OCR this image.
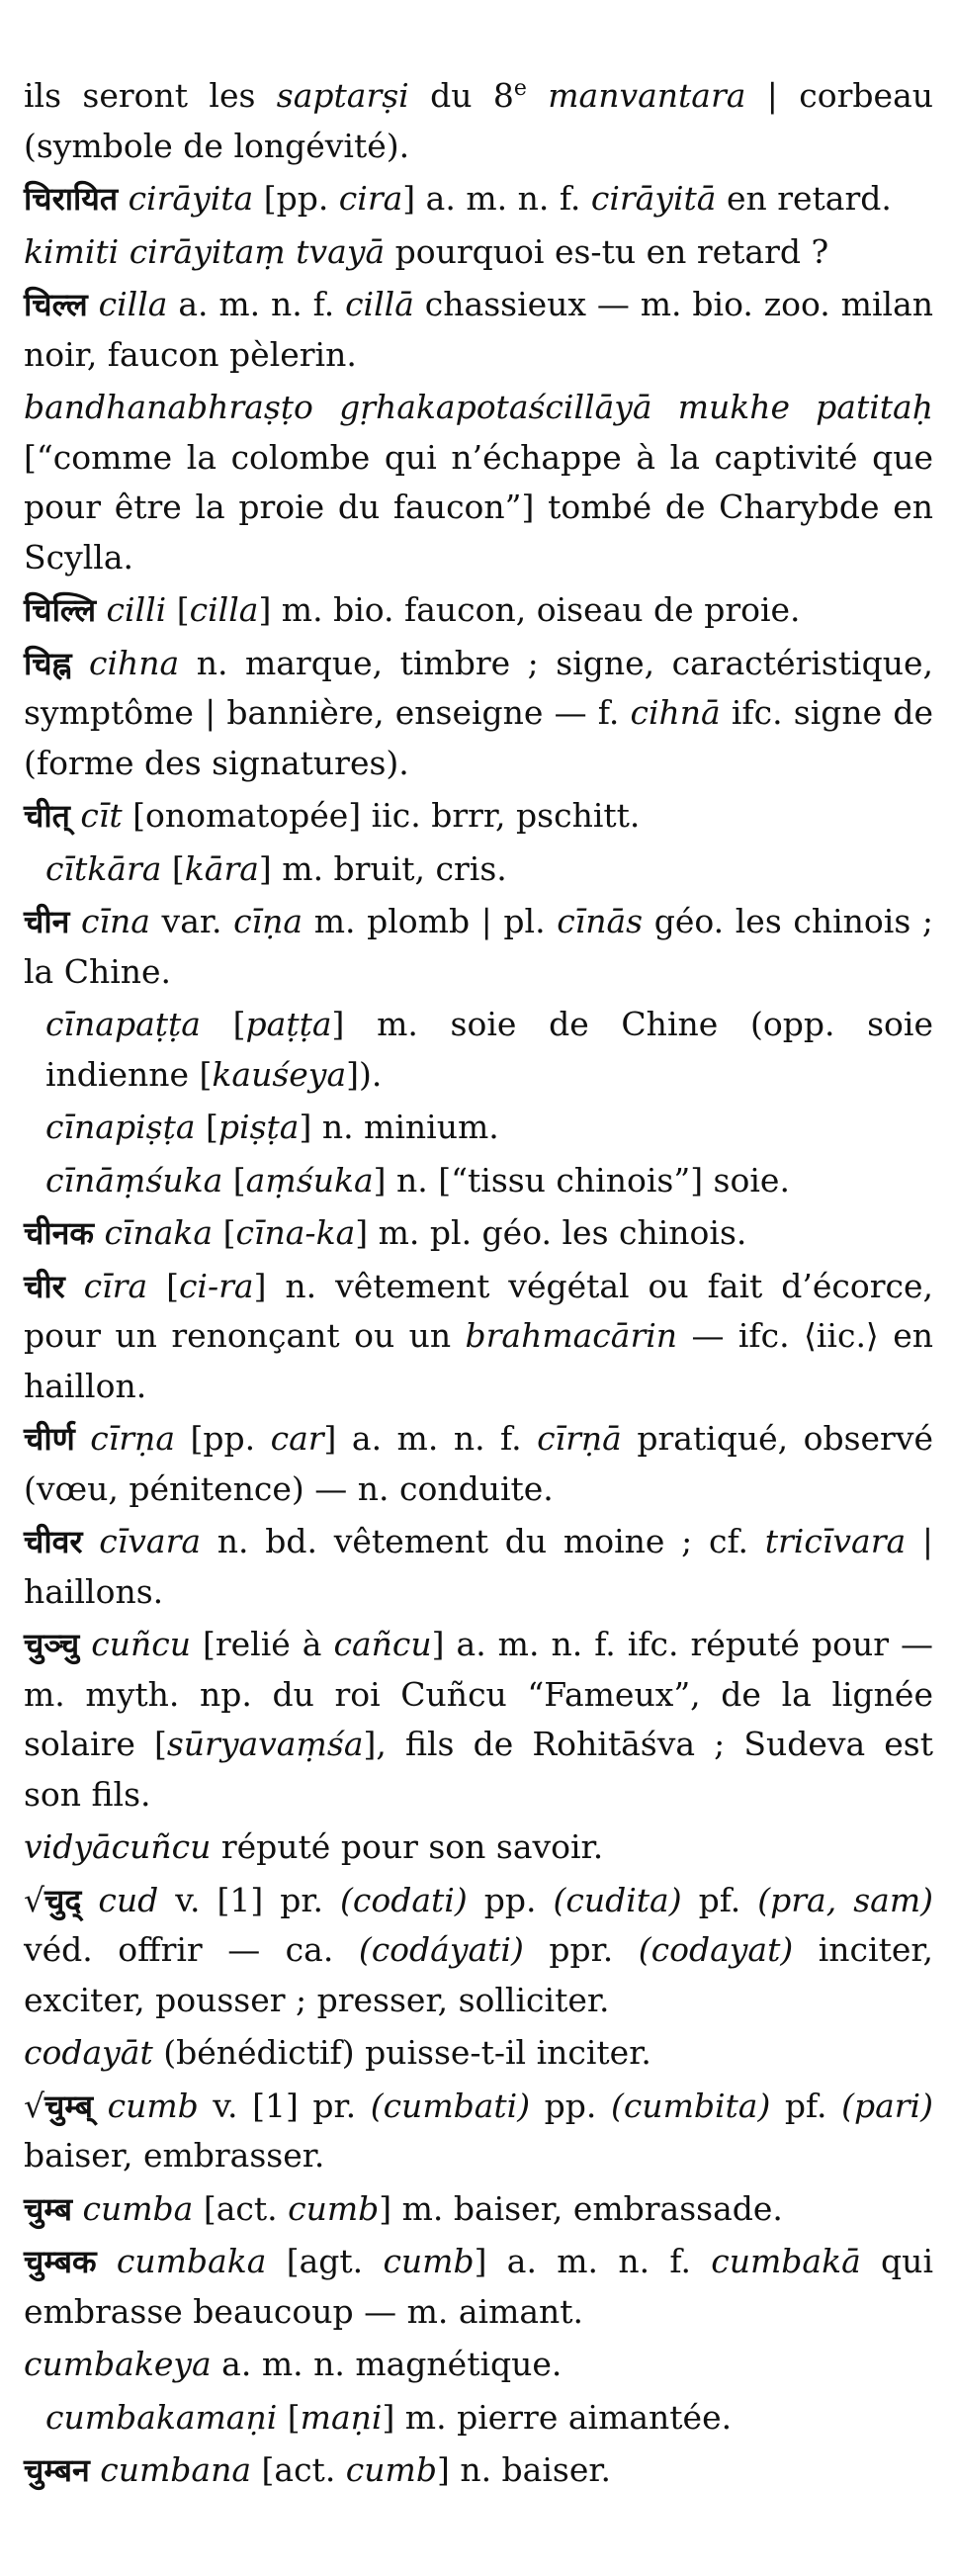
ils seront les saptarṣi du 8e manvantara | corbeau (symbole de longévité).

चिरायित cirāyita [pp. cira] a. m. n. f. cirāyitā en retard.

kimiti cirāyitaṃ tvayā pourquoi es-tu en retard ?

चिल्ल cilla a. m. n. f. cillā chassieux — m. bio. zoo. milan noir, faucon pèlerin.

bandhanabhraṣṭo gṛhakapotaścillāyā mukhe patitaḥ [“comme la colombe qui n’échappe à la captivité que pour être la proie du faucon”] tombé de Charybde en Scylla.

चिल्लि cilli [cilla] m. bio. faucon, oiseau de proie.

चिह्न cihna n. marque, timbre ; signe, caractéristique, symptôme | bannière, enseigne — f. cihnā ifc. signe de (forme des signatures).

चीत् cīt [onomatopée] iic. brrr, pschitt.

cītkāra [kāra] m. bruit, cris.

चीन cīna var. cīṇa m. plomb | pl. cīnās géo. les chinois ; la Chine.

cīnapaṭṭa [paṭṭa] m. soie de Chine (opp. soie indienne [kauśeya]).

cīnapiṣṭa [piṣṭa] n. minium.

cīnāṃśuka [aṃśuka] n. [“tissu chinois”] soie.

चीनक cīnaka [cīna-ka] m. pl. géo. les chinois.

चीर cīra [ci-ra] n. vêtement végétal ou fait d’écorce, pour un renonçant ou un brahmacārin — ifc. ⟨iic.⟩ en haillon.

चीर्ण cīrṇa [pp. car] a. m. n. f. cīrṇā pratiqué, observé (vœu, pénitence) — n. conduite.

चीवर cīvara n. bd. vêtement du moine ; cf. tricīvara | haillons.

चुञ्चु cuñcu [relié à cañcu] a. m. n. f. ifc. réputé pour — m. myth. np. du roi Cuñcu “Fameux”, de la lignée solaire [sūryavaṃśa], fils de Rohitāśva ; Sudeva est son fils.

vidyācuñcu réputé pour son savoir.

√चुद् cud v. [1] pr. (codati) pp. (cudita) pf. (pra, sam) véd. offrir — ca. (codáyati) ppr. (codayat) inciter, exciter, pousser ; presser, solliciter.

codayāt (bénédictif) puisse-t-il inciter.

√चुम्ब् cumb v. [1] pr. (cumbati) pp. (cumbita) pf. (pari) baiser, embrasser.

चुम्ब cumba [act. cumb] m. baiser, embrassade.

चुम्बक cumbaka [agt. cumb] a. m. n. f. cumbakā qui embrasse beaucoup — m. aimant.

cumbakeya a. m. n. magnétique.

cumbakamaṇi [maṇi] m. pierre aimantée.

चुम्बन cumbana [act. cumb] n. baiser.
